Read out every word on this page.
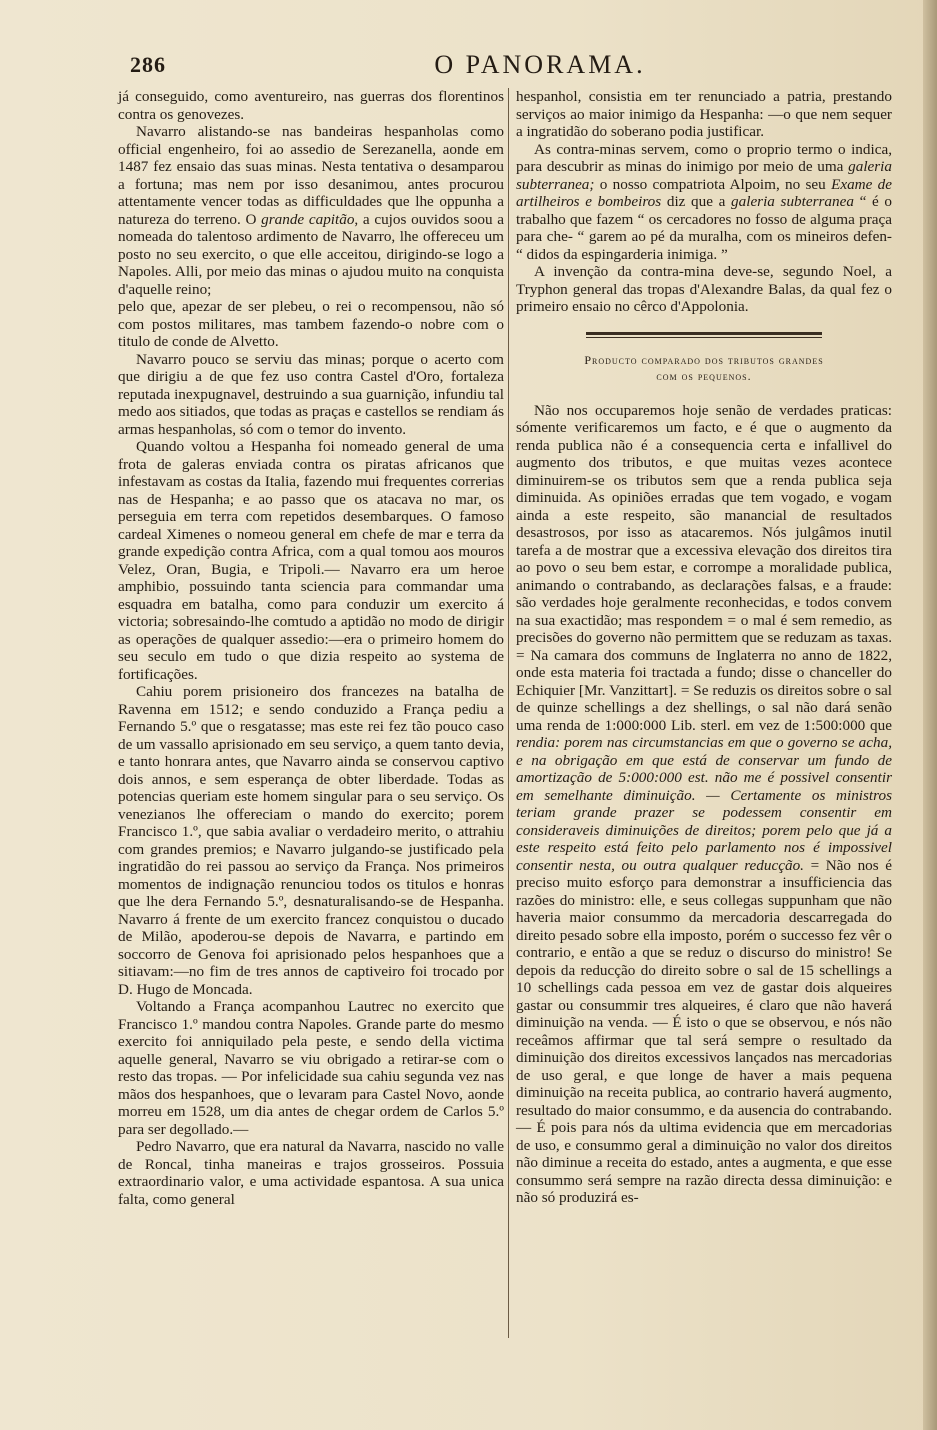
286	O PANORAMA.

já conseguido, como aventureiro, nas guerras dos florentinos contra os genovezes.

Navarro alistando-se nas bandeiras hespanholas como official engenheiro, foi ao assedio de Serezanella, aonde em 1487 fez ensaio das suas minas. Nesta tentativa o desamparou a fortuna; mas nem por isso desanimou, antes procurou attentamente vencer todas as difficuldades que lhe oppunha a natureza do terreno. O grande capitão, a cujos ouvidos soou a nomeada do talentoso ardimento de Navarro, lhe offereceu um posto no seu exercito, o que elle acceitou, dirigindo-se logo a Napoles. Alli, por meio das minas o ajudou muito na conquista d'aquelle reino;

pelo que, apezar de ser plebeu, o rei o recompensou, não só com postos militares, mas tambem fazendo-o nobre com o titulo de conde de Alvetto.

Navarro pouco se serviu das minas; porque o acerto com que dirigiu a de que fez uso contra Castel d'Oro, fortaleza reputada inexpugnavel, destruindo a sua guarnição, infundiu tal medo aos sitiados, que todas as praças e castellos se rendiam ás armas hespanholas, só com o temor do invento.

Quando voltou a Hespanha foi nomeado general de uma frota de galeras enviada contra os piratas africanos que infestavam as costas da Italia, fazendo mui frequentes correrias nas de Hespanha; e ao passo que os atacava no mar, os perseguia em terra com repetidos desembarques. O famoso cardeal Ximenes o nomeou general em chefe de mar e terra da grande expedição contra Africa, com a qual tomou aos mouros Velez, Oran, Bugia, e Tripoli.— Navarro era um heroe amphibio, possuindo tanta sciencia para commandar uma esquadra em batalha, como para conduzir um exercito á victoria; sobresaindo-lhe comtudo a aptidão no modo de dirigir as operações de qualquer assedio:—era o primeiro homem do seu seculo em tudo o que dizia respeito ao systema de fortificações.

Cahiu porem prisioneiro dos francezes na batalha de Ravenna em 1512; e sendo conduzido a França pediu a Fernando 5.º que o resgatasse; mas este rei fez tão pouco caso de um vassallo aprisionado em seu serviço, a quem tanto devia, e tanto honrara antes, que Navarro ainda se conservou captivo dois annos, e sem esperança de obter liberdade. Todas as potencias queriam este homem singular para o seu serviço. Os venezianos lhe offereciam o mando do exercito; porem Francisco 1.º, que sabia avaliar o verdadeiro merito, o attrahiu com grandes premios; e Navarro julgando-se justificado pela ingratidão do rei passou ao serviço da França. Nos primeiros momentos de indignação renunciou todos os titulos e honras que lhe dera Fernando 5.º, desnaturalisando-se de Hespanha. Navarro á frente de um exercito francez conquistou o ducado de Milão, apoderou-se depois de Navarra, e partindo em soccorro de Genova foi aprisionado pelos hespanhoes que a sitiavam:—no fim de tres annos de captiveiro foi trocado por D. Hugo de Moncada.

Voltando a França acompanhou Lautrec no exercito que Francisco 1.º mandou contra Napoles. Grande parte do mesmo exercito foi anniquilado pela peste, e sendo della victima aquelle general, Navarro se viu obrigado a retirar-se com o resto das tropas. — Por infelicidade sua cahiu segunda vez nas mãos dos hespanhoes, que o levaram para Castel Novo, aonde morreu em 1528, um dia antes de chegar ordem de Carlos 5.º para ser degollado.—

Pedro Navarro, que era natural da Navarra, nascido no valle de Roncal, tinha maneiras e trajos grosseiros. Possuia extraordinario valor, e uma actividade espantosa. A sua unica falta, como general

hespanhol, consistia em ter renunciado a patria, prestando serviços ao maior inimigo da Hespanha: —o que nem sequer a ingratidão do soberano podia justificar.

As contra-minas servem, como o proprio termo o indica, para descubrir as minas do inimigo por meio de uma galeria subterranea; o nosso compatriota Alpoim, no seu Exame de artilheiros e bombeiros diz que a galeria subterranea “ é o trabalho que fazem “ os cercadores no fosso de alguma praça para che- “ garem ao pé da muralha, com os mineiros defen- “ didos da espingarderia inimiga. ”

A invenção da contra-mina deve-se, segundo Noel, a Tryphon general das tropas d'Alexandre Balas, da qual fez o primeiro ensaio no cêrco d'Appolonia.

Producto comparado dos tributos grandes
com os pequenos.

Não nos occuparemos hoje senão de verdades praticas: sómente verificaremos um facto, e é que o augmento da renda publica não é a consequencia certa e infallivel do augmento dos tributos, e que muitas vezes acontece diminuirem-se os tributos sem que a renda publica seja diminuida. As opiniões erradas que tem vogado, e vogam ainda a este respeito, são manancial de resultados desastrosos, por isso as atacaremos. Nós julgâmos inutil tarefa a de mostrar que a excessiva elevação dos direitos tira ao povo o seu bem estar, e corrompe a moralidade publica, animando o contrabando, as declarações falsas, e a fraude: são verdades hoje geralmente reconhecidas, e todos convem na sua exactidão; mas respondem = o mal é sem remedio, as precisões do governo não permittem que se reduzam as taxas. = Na camara dos communs de Inglaterra no anno de 1822, onde esta materia foi tractada a fundo; disse o chanceller do Echiquier [Mr. Vanzittart]. = Se reduzis os direitos sobre o sal de quinze schellings a dez shellings, o sal não dará senão uma renda de 1:000:000 Lib. sterl. em vez de 1:500:000 que rendia: porem nas circumstancias em que o governo se acha, e na obrigação em que está de conservar um fundo de amortização de 5:000:000 est. não me é possivel consentir em semelhante diminuição. — Certamente os ministros teriam grande prazer se podessem consentir em consideraveis diminuições de direitos; porem pelo que já a este respeito está feito pelo parlamento nos é impossivel consentir nesta, ou outra qualquer reducção. = Não nos é preciso muito esforço para demonstrar a insufficiencia das razões do ministro: elle, e seus collegas suppunham que não haveria maior consummo da mercadoria descarregada do direito pesado sobre ella imposto, porém o successo fez vêr o contrario, e então a que se reduz o discurso do ministro! Se depois da reducção do direito sobre o sal de 15 schellings a 10 schellings cada pessoa em vez de gastar dois alqueires gastar ou consummir tres alqueires, é claro que não haverá diminuição na venda. — É isto o que se observou, e nós não receâmos affirmar que tal será sempre o resultado da diminuição dos direitos excessivos lançados nas mercadorias de uso geral, e que longe de haver a mais pequena diminuição na receita publica, ao contrario haverá augmento, resultado do maior consummo, e da ausencia do contrabando. — É pois para nós da ultima evidencia que em mercadorias de uso, e consummo geral a diminuição no valor dos direitos não diminue a receita do estado, antes a augmenta, e que esse consummo será sempre na razão directa dessa diminuição: e não só produzirá es-
